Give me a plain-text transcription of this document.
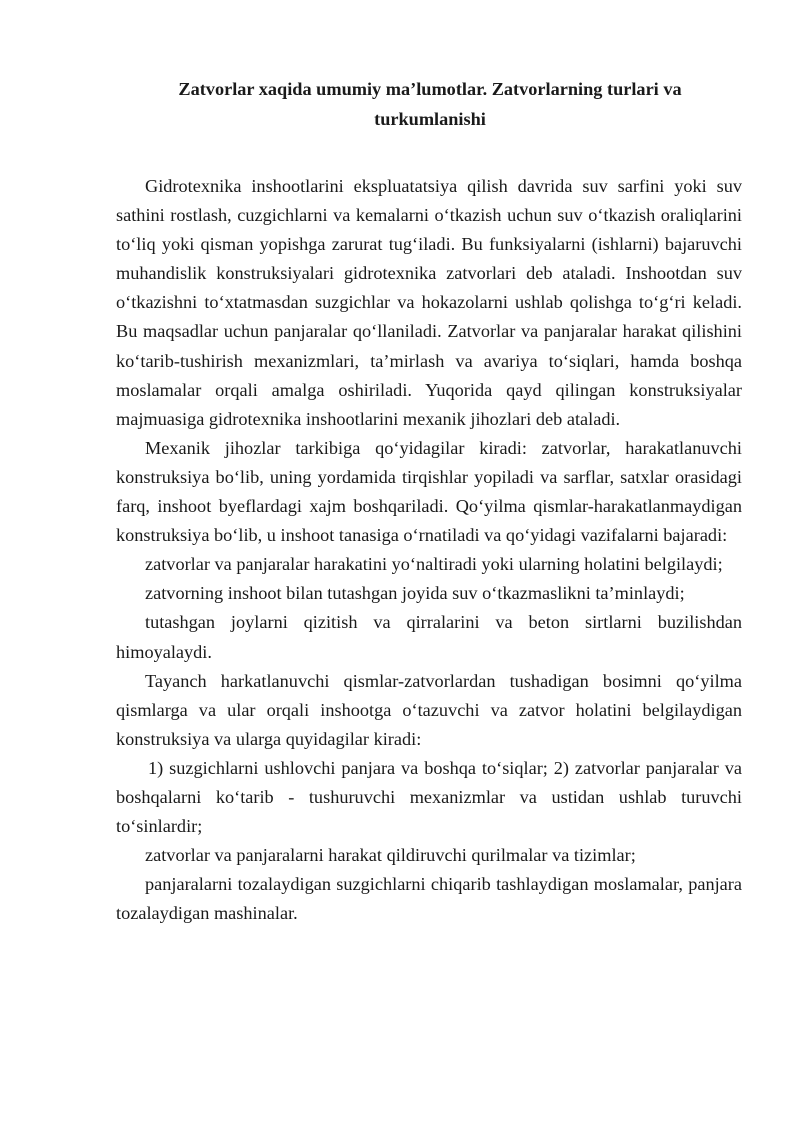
Zatvorlar xaqida umumiy ma’lumotlar. Zatvorlarning turlari va
turkumlanishi

Gidrotexnika inshootlarini ekspluatatsiya qilish davrida suv sarfini yoki suv sathini rostlash, cuzgichlarni va kemalarni o‘tkazish uchun suv o‘tkazish oraliqlarini to‘liq yoki qisman yopishga zarurat tug‘iladi. Bu funksiyalarni (ishlarni) bajaruvchi muhandislik konstruksiyalari gidrotexnika zatvorlari deb ataladi. Inshootdan suv o‘tkazishni to‘xtatmasdan suzgichlar va hokazolarni ushlab qolishga to‘g‘ri keladi. Bu maqsadlar uchun panjaralar qo‘llaniladi. Zatvorlar va panjaralar harakat qilishini ko‘tarib-tushirish mexanizmlari, ta’mirlash va avariya to‘siqlari, hamda boshqa moslamalar orqali amalga oshiriladi. Yuqorida qayd qilingan konstruksiyalar majmuasiga gidrotexnika inshootlarini mexanik jihozlari deb ataladi.

Mexanik jihozlar tarkibiga qo‘yidagilar kiradi: zatvorlar, harakatlanuvchi konstruksiya bo‘lib, uning yordamida tirqishlar yopiladi va sarflar, satxlar orasidagi farq, inshoot byeflardagi xajm boshqariladi. Qo‘yilma qismlar-harakatlanmaydigan konstruksiya bo‘lib, u inshoot tanasiga o‘rnatiladi va qo‘yidagi vazifalarni bajaradi:

zatvorlar va panjaralar harakatini yo‘naltiradi yoki ularning holatini belgilaydi;

zatvorning inshoot bilan tutashgan joyida suv o‘tkazmaslikni ta’minlaydi;

tutashgan joylarni qizitish va qirralarini va beton sirtlarni buzilishdan himoyalaydi.

Tayanch harkatlanuvchi qismlar-zatvorlardan tushadigan bosimni qo‘yilma qismlarga va ular orqali inshootga o‘tazuvchi va zatvor holatini belgilaydigan konstruksiya va ularga quyidagilar kiradi:

1) suzgichlarni ushlovchi panjara va boshqa to‘siqlar; 2) zatvorlar panjaralar va boshqalarni ko‘tarib - tushuruvchi mexanizmlar va ustidan ushlab turuvchi to‘sinlardir;

zatvorlar va panjaralarni harakat qildiruvchi qurilmalar va tizimlar;

panjaralarni tozalaydigan suzgichlarni chiqarib tashlaydigan moslamalar, panjara tozalaydigan mashinalar.
